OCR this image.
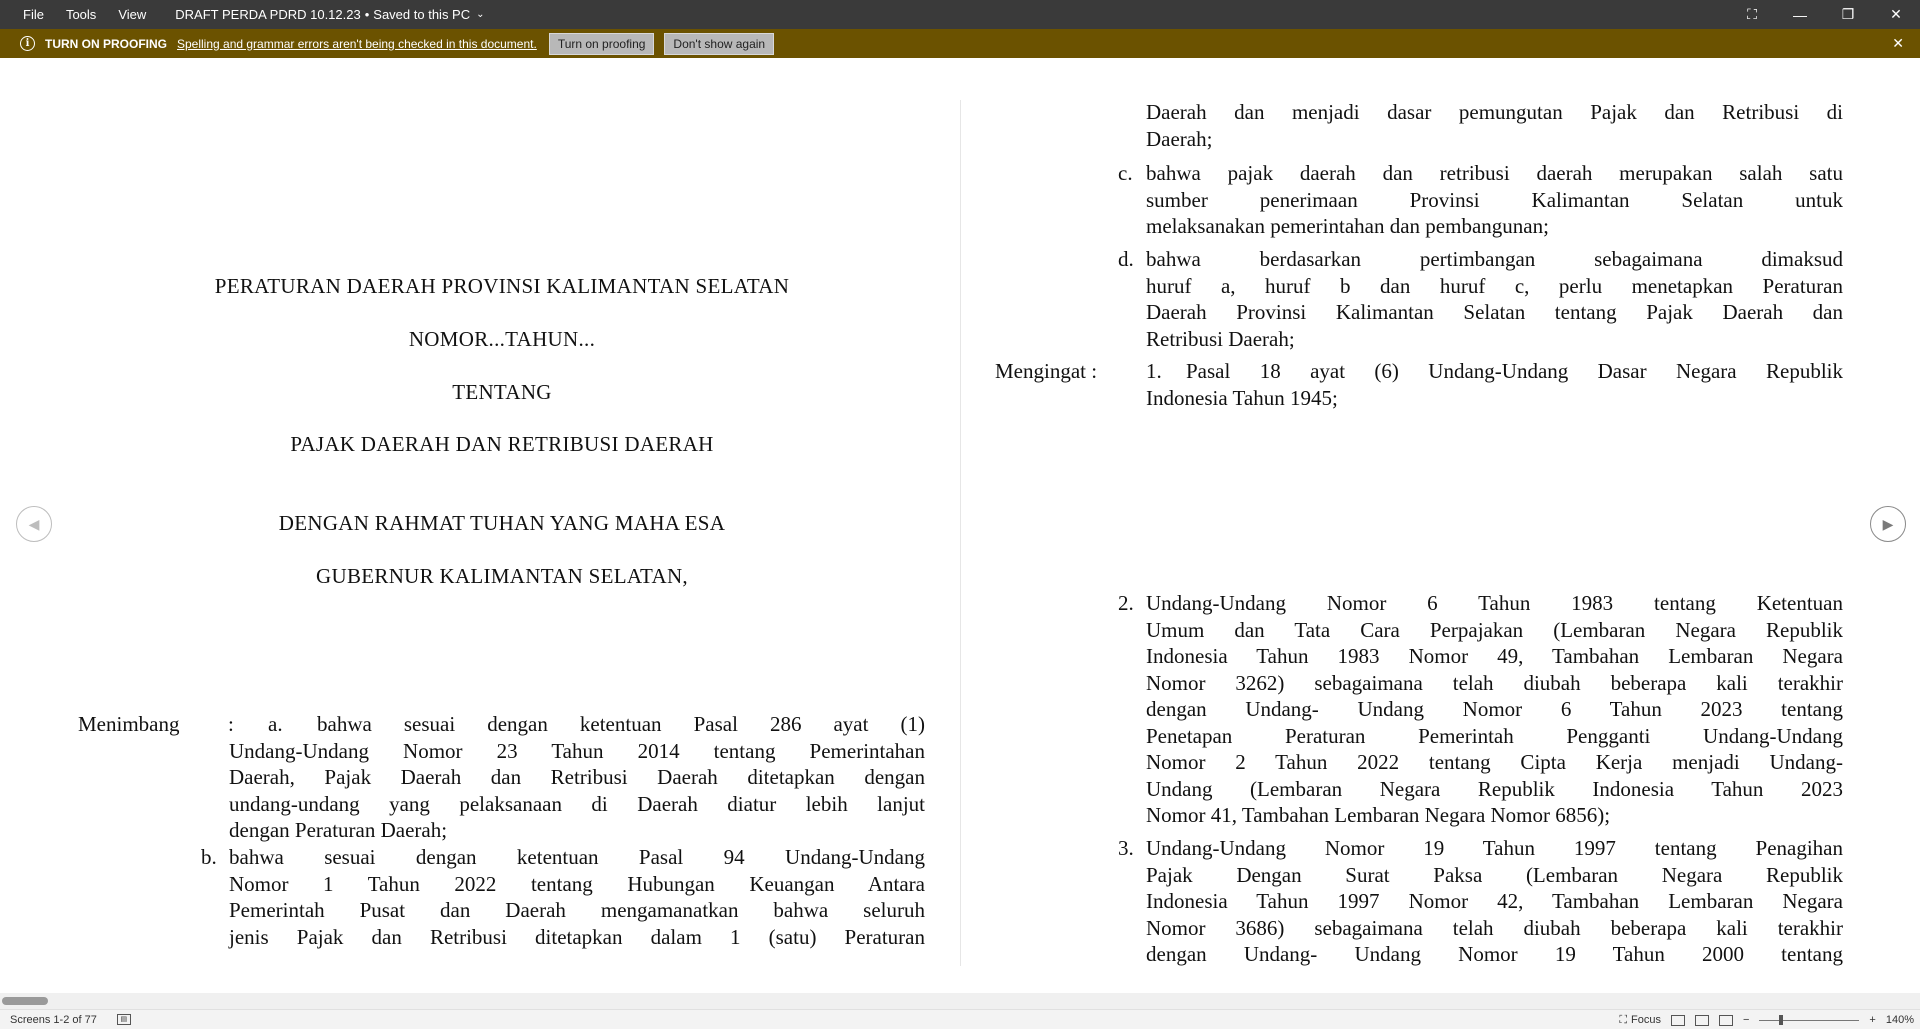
File	Tools	View	DRAFT PERDA PDRD 10.12.23 • Saved to this PC ⌄	⛶	—	❐	✕
i	TURN ON PROOFING Spelling and grammar errors aren't being checked in this document.	Turn on proofing	Don't show again	✕
◀	▶
PERATURAN DAERAH PROVINSI KALIMANTAN SELATAN
NOMOR...TAHUN...
TENTANG
PAJAK DAERAH DAN RETRIBUSI DAERAH
DENGAN RAHMAT TUHAN YANG MAHA ESA
GUBERNUR KALIMANTAN SELATAN,
Menimbang : a. bahwa sesuai dengan ketentuan Pasal 286 ayat (1)
Undang-Undang Nomor 23 Tahun 2014 tentang Pemerintahan
Daerah, Pajak Daerah dan Retribusi Daerah ditetapkan dengan
undang-undang yang pelaksanaan di Daerah diatur lebih lanjut
dengan Peraturan Daerah;
b. bahwa sesuai dengan ketentuan Pasal 94 Undang-Undang
Nomor 1 Tahun 2022 tentang Hubungan Keuangan Antara
Pemerintah Pusat dan Daerah mengamanatkan bahwa seluruh
jenis Pajak dan Retribusi ditetapkan dalam 1 (satu) Peraturan
Daerah dan menjadi dasar pemungutan Pajak dan Retribusi di
Daerah;
c. bahwa pajak daerah dan retribusi daerah merupakan salah satu
sumber penerimaan Provinsi Kalimantan Selatan untuk
melaksanakan pemerintahan dan pembangunan;
d. bahwa berdasarkan pertimbangan sebagaimana dimaksud
huruf a, huruf b dan huruf c, perlu menetapkan Peraturan
Daerah Provinsi Kalimantan Selatan tentang Pajak Daerah dan
Retribusi Daerah;
Mengingat : 1. Pasal 18 ayat (6) Undang-Undang Dasar Negara Republik
Indonesia Tahun 1945;
2. Undang-Undang Nomor 6 Tahun 1983 tentang Ketentuan
Umum dan Tata Cara Perpajakan (Lembaran Negara Republik
Indonesia Tahun 1983 Nomor 49, Tambahan Lembaran Negara
Nomor 3262) sebagaimana telah diubah beberapa kali terakhir
dengan Undang- Undang Nomor 6 Tahun 2023 tentang
Penetapan Peraturan Pemerintah Pengganti Undang-Undang
Nomor 2 Tahun 2022 tentang Cipta Kerja menjadi Undang-
Undang (Lembaran Negara Republik Indonesia Tahun 2023
Nomor 41, Tambahan Lembaran Negara Nomor 6856);
3. Undang-Undang Nomor 19 Tahun 1997 tentang Penagihan
Pajak Dengan Surat Paksa (Lembaran Negara Republik
Indonesia Tahun 1997 Nomor 42, Tambahan Lembaran Negara
Nomor 3686) sebagaimana telah diubah beberapa kali terakhir
dengan Undang- Undang Nomor 19 Tahun 2000 tentang
Screens 1-2 of 77	▤	⛶ Focus	−	+ 140%
